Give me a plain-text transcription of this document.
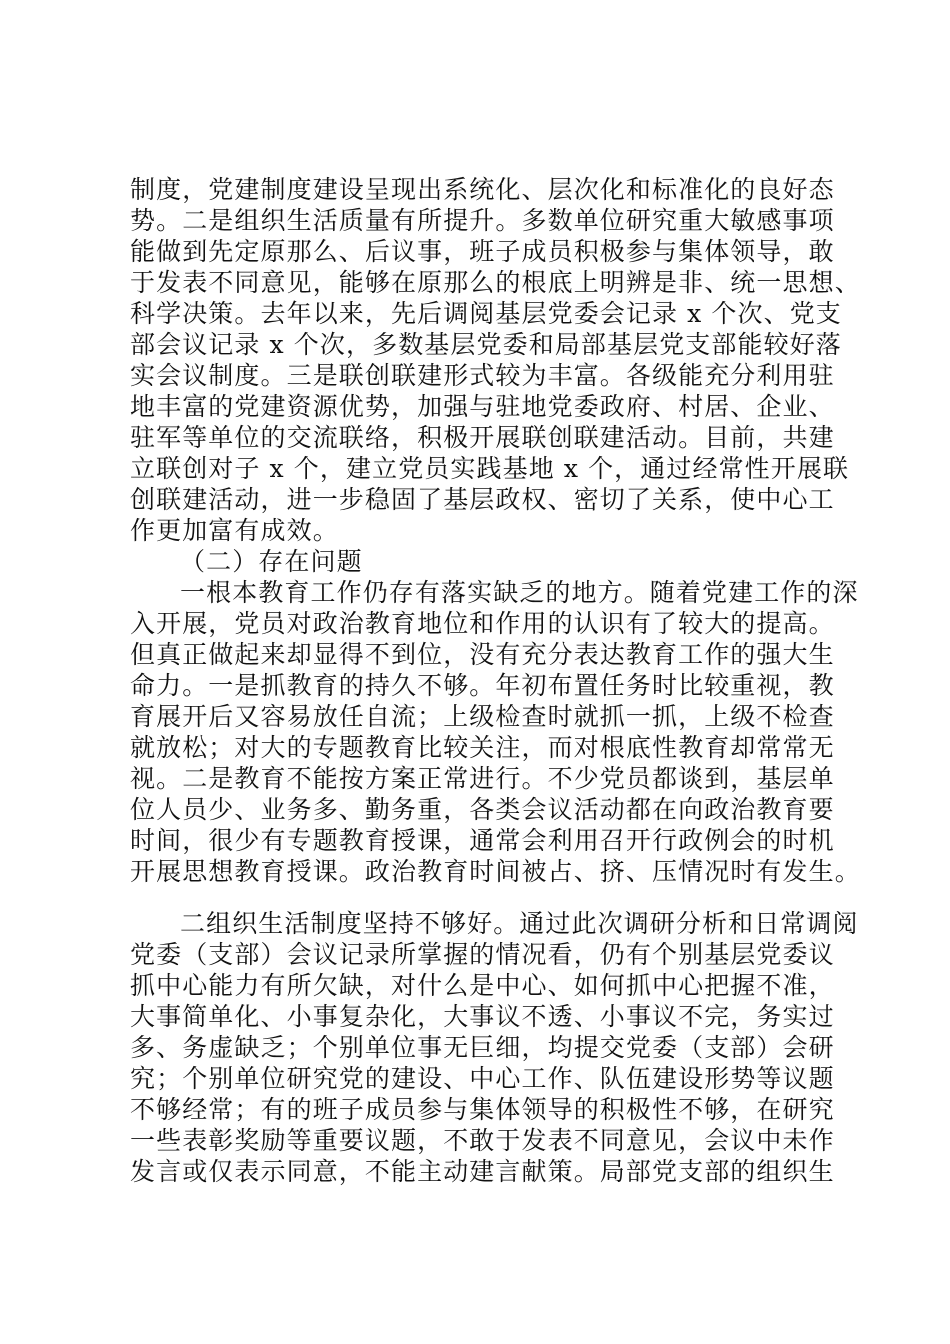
制度，党建制度建设呈现出系统化、层次化和标准化的良好态
势。二是组织生活质量有所提升。多数单位研究重大敏感事项
能做到先定原那么、后议事，班子成员积极参与集体领导，敢
于发表不同意见，能够在原那么的根底上明辨是非、统一思想、
科学决策。去年以来，先后调阅基层党委会记录 x 个次、党支
部会议记录 x 个次，多数基层党委和局部基层党支部能较好落
实会议制度。三是联创联建形式较为丰富。各级能充分利用驻
地丰富的党建资源优势，加强与驻地党委政府、村居、企业、
驻军等单位的交流联络，积极开展联创联建活动。目前，共建
立联创对子 x 个，建立党员实践基地 x 个，通过经常性开展联
创联建活动，进一步稳固了基层政权、密切了关系，使中心工
作更加富有成效。
（二）存在问题
一根本教育工作仍存有落实缺乏的地方。随着党建工作的深
入开展，党员对政治教育地位和作用的认识有了较大的提高。
但真正做起来却显得不到位，没有充分表达教育工作的强大生
命力。一是抓教育的持久不够。年初布置任务时比较重视，教
育展开后又容易放任自流；上级检查时就抓一抓，上级不检查
就放松；对大的专题教育比较关注，而对根底性教育却常常无
视。二是教育不能按方案正常进行。不少党员都谈到，基层单
位人员少、业务多、勤务重，各类会议活动都在向政治教育要
时间，很少有专题教育授课，通常会利用召开行政例会的时机
开展思想教育授课。政治教育时间被占、挤、压情况时有发生。
二组织生活制度坚持不够好。通过此次调研分析和日常调阅
党委（支部）会议记录所掌握的情况看，仍有个别基层党委议
抓中心能力有所欠缺，对什么是中心、如何抓中心把握不准，
大事简单化、小事复杂化，大事议不透、小事议不完，务实过
多、务虚缺乏；个别单位事无巨细，均提交党委（支部）会研
究；个别单位研究党的建设、中心工作、队伍建设形势等议题
不够经常；有的班子成员参与集体领导的积极性不够，在研究
一些表彰奖励等重要议题，不敢于发表不同意见，会议中未作
发言或仅表示同意，不能主动建言献策。局部党支部的组织生
